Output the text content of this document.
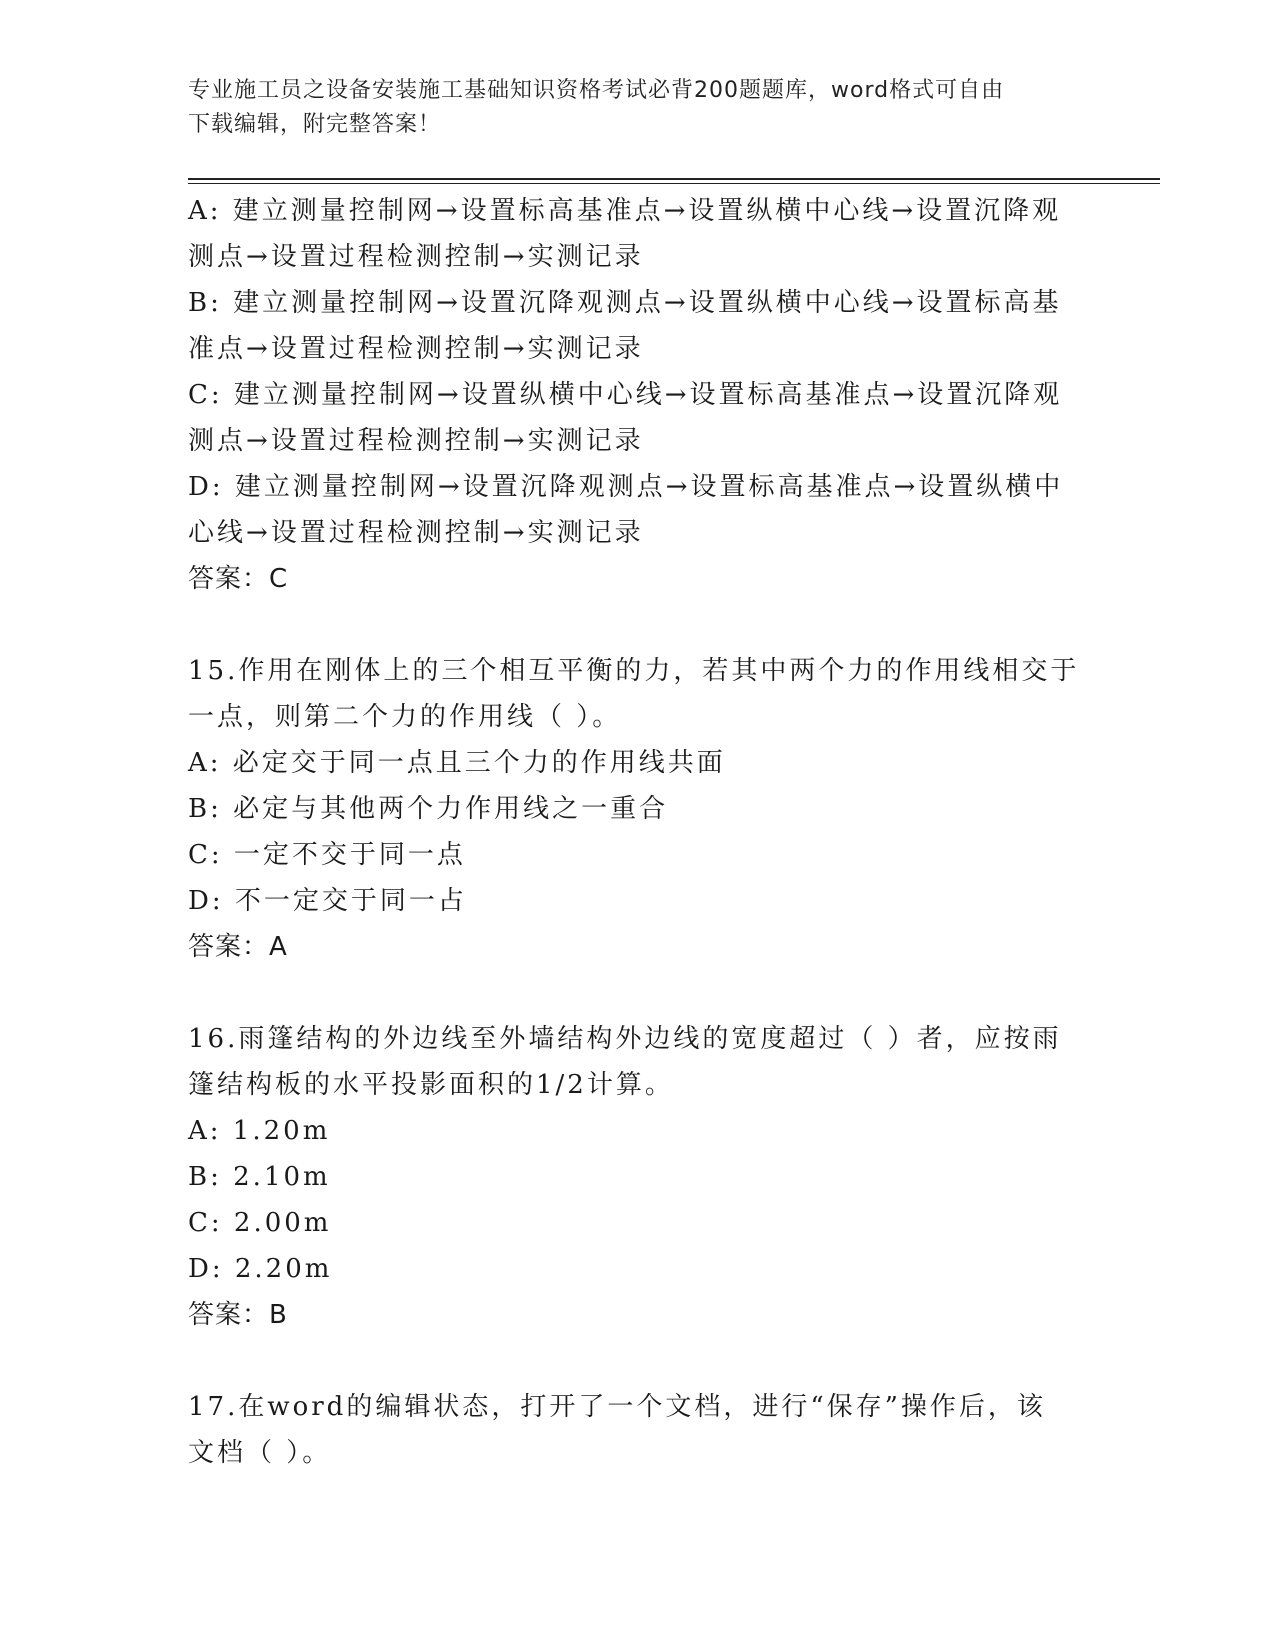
专业施工员之设备安装施工基础知识资格考试必背200题题库，word格式可自由
下载编辑，附完整答案！
A: 建立测量控制网→设置标高基准点→设置纵横中心线→设置沉降观
测点→设置过程检测控制→实测记录
B: 建立测量控制网→设置沉降观测点→设置纵横中心线→设置标高基
准点→设置过程检测控制→实测记录
C: 建立测量控制网→设置纵横中心线→设置标高基准点→设置沉降观
测点→设置过程检测控制→实测记录
D: 建立测量控制网→设置沉降观测点→设置标高基准点→设置纵横中
心线→设置过程检测控制→实测记录
答案：C
15.作用在刚体上的三个相互平衡的力，若其中两个力的作用线相交于
一点，则第二个力的作用线（ ）。
A: 必定交于同一点且三个力的作用线共面
B: 必定与其他两个力作用线之一重合
C: 一定不交于同一点
D: 不一定交于同一占
答案：A
16.雨篷结构的外边线至外墙结构外边线的宽度超过（ ）者，应按雨
篷结构板的水平投影面积的1/2计算。
A: 1.20m
B: 2.10m
C: 2.00m
D: 2.20m
答案：B
17.在word的编辑状态，打开了一个文档，进行“保存”操作后，该
文档（ ）。
